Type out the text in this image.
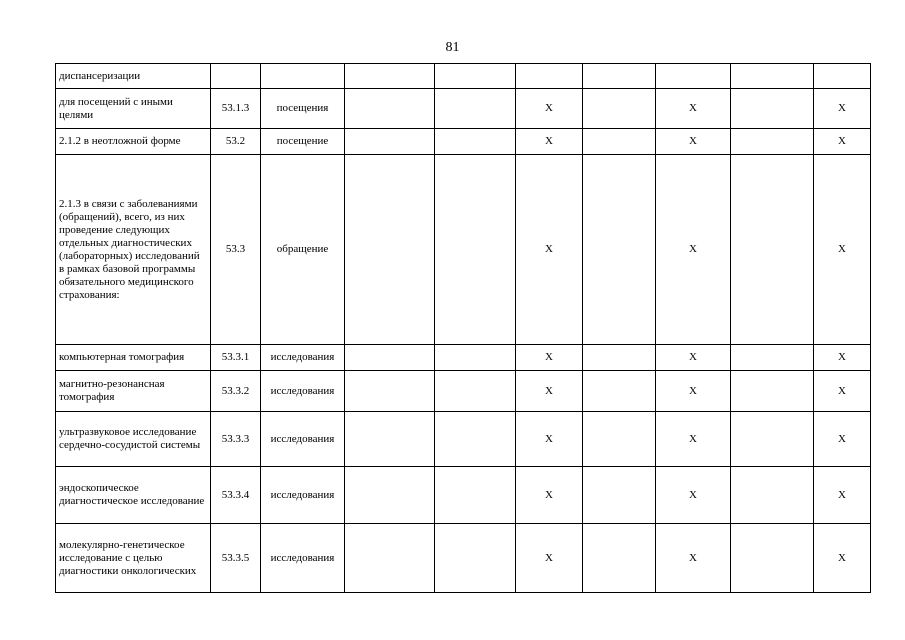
81
диспансеризации									
для посещений с иными целями	53.1.3	посещения			X		X		X
2.1.2 в неотложной форме	53.2	посещение			X		X		X
2.1.3 в связи с заболеваниями (обращений), всего, из них проведение следующих отдельных диагностических (лабораторных) исследований в рамках базовой программы обязательного медицинского страхования:	53.3	обращение			X		X		X
компьютерная томография	53.3.1	исследования			X		X		X
магнитно-резонансная томография	53.3.2	исследования			X		X		X
ультразвуковое исследование сердечно-сосудистой системы	53.3.3	исследования			X		X		X
эндоскопическое диагностическое исследование	53.3.4	исследования			X		X		X
молекулярно-генетическое исследование с целью диагностики онкологических	53.3.5	исследования			X		X		X
